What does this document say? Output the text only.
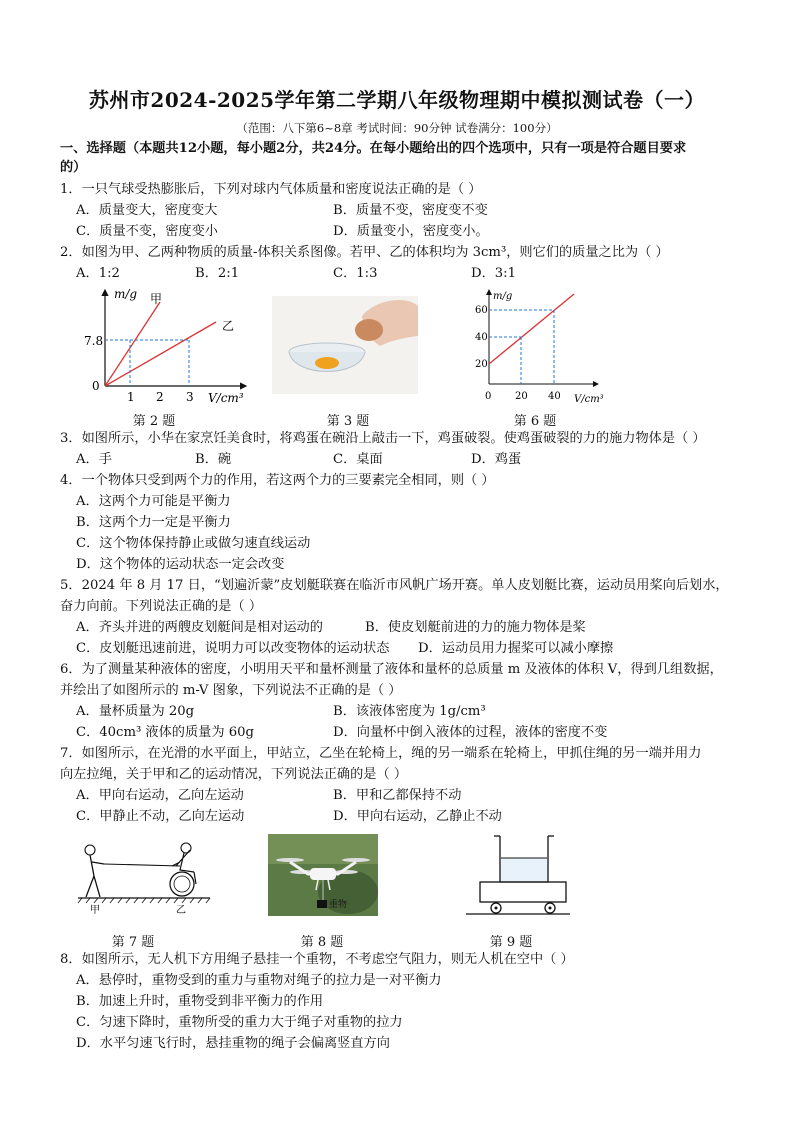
苏州市2024-2025学年第二学期八年级物理期中模拟测试卷（一）
（范围：八下第6~8章 考试时间：90分钟 试卷满分：100分）
一、选择题（本题共12小题，每小题2分，共24分。在每小题给出的四个选项中，只有一项是符合题目要求
的）
1．一只气球受热膨胀后，下列对球内气体质量和密度说法正确的是（ ）
A．质量变大，密度变大	B．质量不变，密度变不变
C．质量不变，密度变小	D．质量变小，密度变小。
2．如图为甲、乙两种物质的质量-体积关系图像。若甲、乙的体积均为 3cm³，则它们的质量之比为（ ）
A．1:2	B．2:1	C．1:3	D．3:1
m/g 甲
乙
7.8
0
1 2 3 V/cm³
第 2 题	第 3 题
m/g
60
40
20
0 20 40 V/cm³
第 6 题
3．如图所示，小华在家烹饪美食时，将鸡蛋在碗沿上敲击一下，鸡蛋破裂。使鸡蛋破裂的力的施力物体是（ ）
A．手	B．碗	C．桌面	D．鸡蛋
4．一个物体只受到两个力的作用，若这两个力的三要素完全相同，则（ ）
A．这两个力可能是平衡力
B．这两个力一定是平衡力
C．这个物体保持静止或做匀速直线运动
D．这个物体的运动状态一定会改变
5．2024 年 8 月 17 日，“划遍沂蒙”皮划艇联赛在临沂市风帆广场开赛。单人皮划艇比赛，运动员用桨向后划水，
奋力向前。下列说法正确的是（ ）
A．齐头并进的两艘皮划艇间是相对运动的	B．使皮划艇前进的力的施力物体是桨
C．皮划艇迅速前进，说明力可以改变物体的运动状态 D．运动员用力握桨可以减小摩擦
6．为了测量某种液体的密度，小明用天平和量杯测量了液体和量杯的总质量 m 及液体的体积 V，得到几组数据，
并绘出了如图所示的 m-V 图象，下列说法不正确的是（ ）
A．量杯质量为 20g	B．该液体密度为 1g/cm³
C．40cm³ 液体的质量为 60g	D．向量杯中倒入液体的过程，液体的密度不变
7．如图所示，在光滑的水平面上，甲站立，乙坐在轮椅上，绳的另一端系在轮椅上，甲抓住绳的另一端并用力
向左拉绳，关于甲和乙的运动情况，下列说法正确的是（ ）
A．甲向右运动，乙向左运动	B．甲和乙都保持不动
C．甲静止不动，乙向左运动	D．甲向右运动，乙静止不动
甲	乙
第 7 题
重物
第 8 题	第 9 题
8．如图所示，无人机下方用绳子悬挂一个重物，不考虑空气阻力，则无人机在空中（ ）
A．悬停时，重物受到的重力与重物对绳子的拉力是一对平衡力
B．加速上升时，重物受到非平衡力的作用
C．匀速下降时，重物所受的重力大于绳子对重物的拉力
D．水平匀速飞行时，悬挂重物的绳子会偏离竖直方向
